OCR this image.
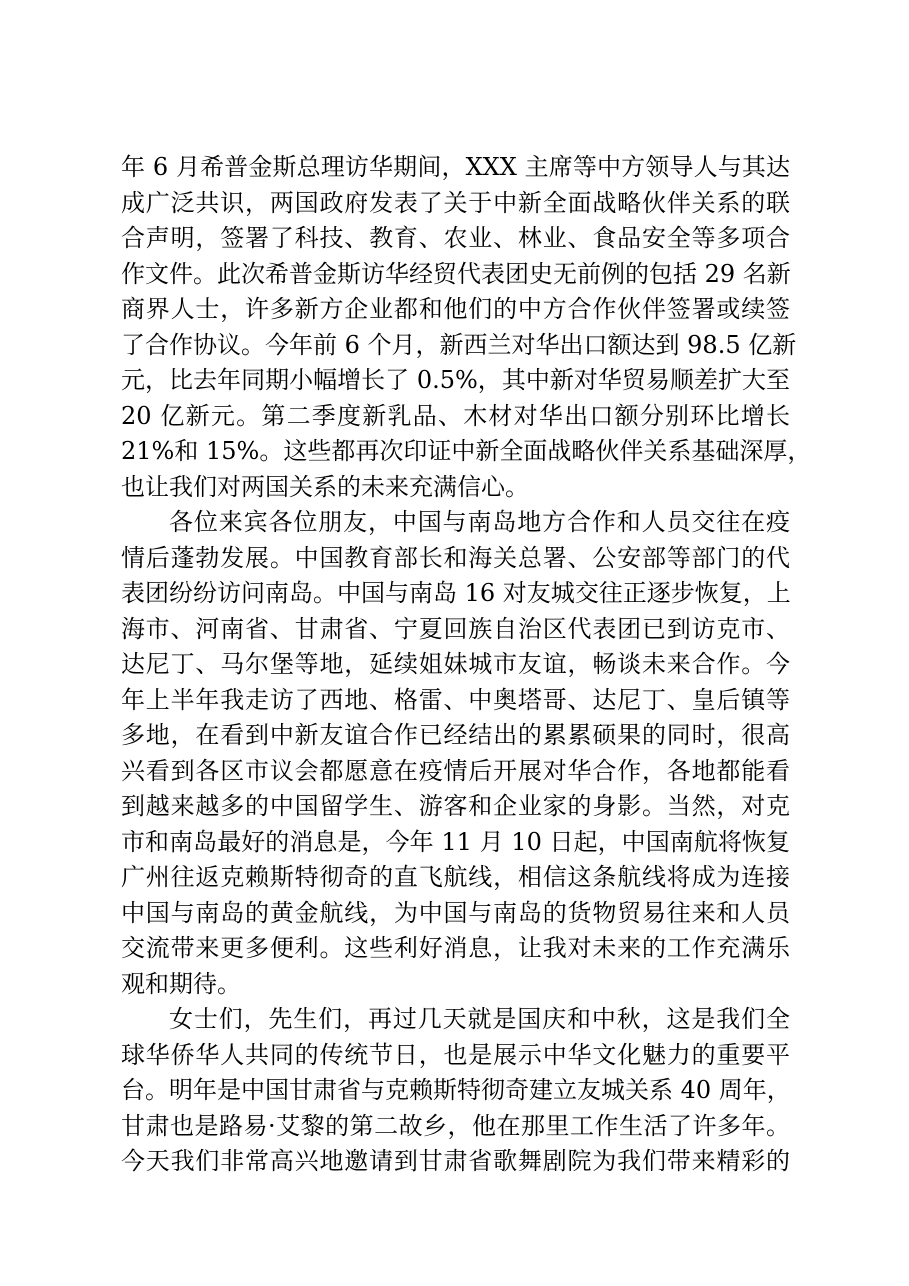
年 6 月希普金斯总理访华期间，XXX 主席等中方领导人与其达
成广泛共识，两国政府发表了关于中新全面战略伙伴关系的联
合声明，签署了科技、教育、农业、林业、食品安全等多项合
作文件。此次希普金斯访华经贸代表团史无前例的包括 29 名新
商界人士，许多新方企业都和他们的中方合作伙伴签署或续签
了合作协议。今年前 6 个月，新西兰对华出口额达到 98.5 亿新
元，比去年同期小幅增长了 0.5%，其中新对华贸易顺差扩大至
20 亿新元。第二季度新乳品、木材对华出口额分别环比增长
21%和 15%。这些都再次印证中新全面战略伙伴关系基础深厚，
也让我们对两国关系的未来充满信心。
各位来宾各位朋友，中国与南岛地方合作和人员交往在疫
情后蓬勃发展。中国教育部长和海关总署、公安部等部门的代
表团纷纷访问南岛。中国与南岛 16 对友城交往正逐步恢复，上
海市、河南省、甘肃省、宁夏回族自治区代表团已到访克市、
达尼丁、马尔堡等地，延续姐妹城市友谊，畅谈未来合作。今
年上半年我走访了西地、格雷、中奥塔哥、达尼丁、皇后镇等
多地，在看到中新友谊合作已经结出的累累硕果的同时，很高
兴看到各区市议会都愿意在疫情后开展对华合作，各地都能看
到越来越多的中国留学生、游客和企业家的身影。当然，对克
市和南岛最好的消息是，今年 11 月 10 日起，中国南航将恢复
广州往返克赖斯特彻奇的直飞航线，相信这条航线将成为连接
中国与南岛的黄金航线，为中国与南岛的货物贸易往来和人员
交流带来更多便利。这些利好消息，让我对未来的工作充满乐
观和期待。
女士们，先生们，再过几天就是国庆和中秋，这是我们全
球华侨华人共同的传统节日，也是展示中华文化魅力的重要平
台。明年是中国甘肃省与克赖斯特彻奇建立友城关系 40 周年，
甘肃也是路易·艾黎的第二故乡，他在那里工作生活了许多年。
今天我们非常高兴地邀请到甘肃省歌舞剧院为我们带来精彩的
